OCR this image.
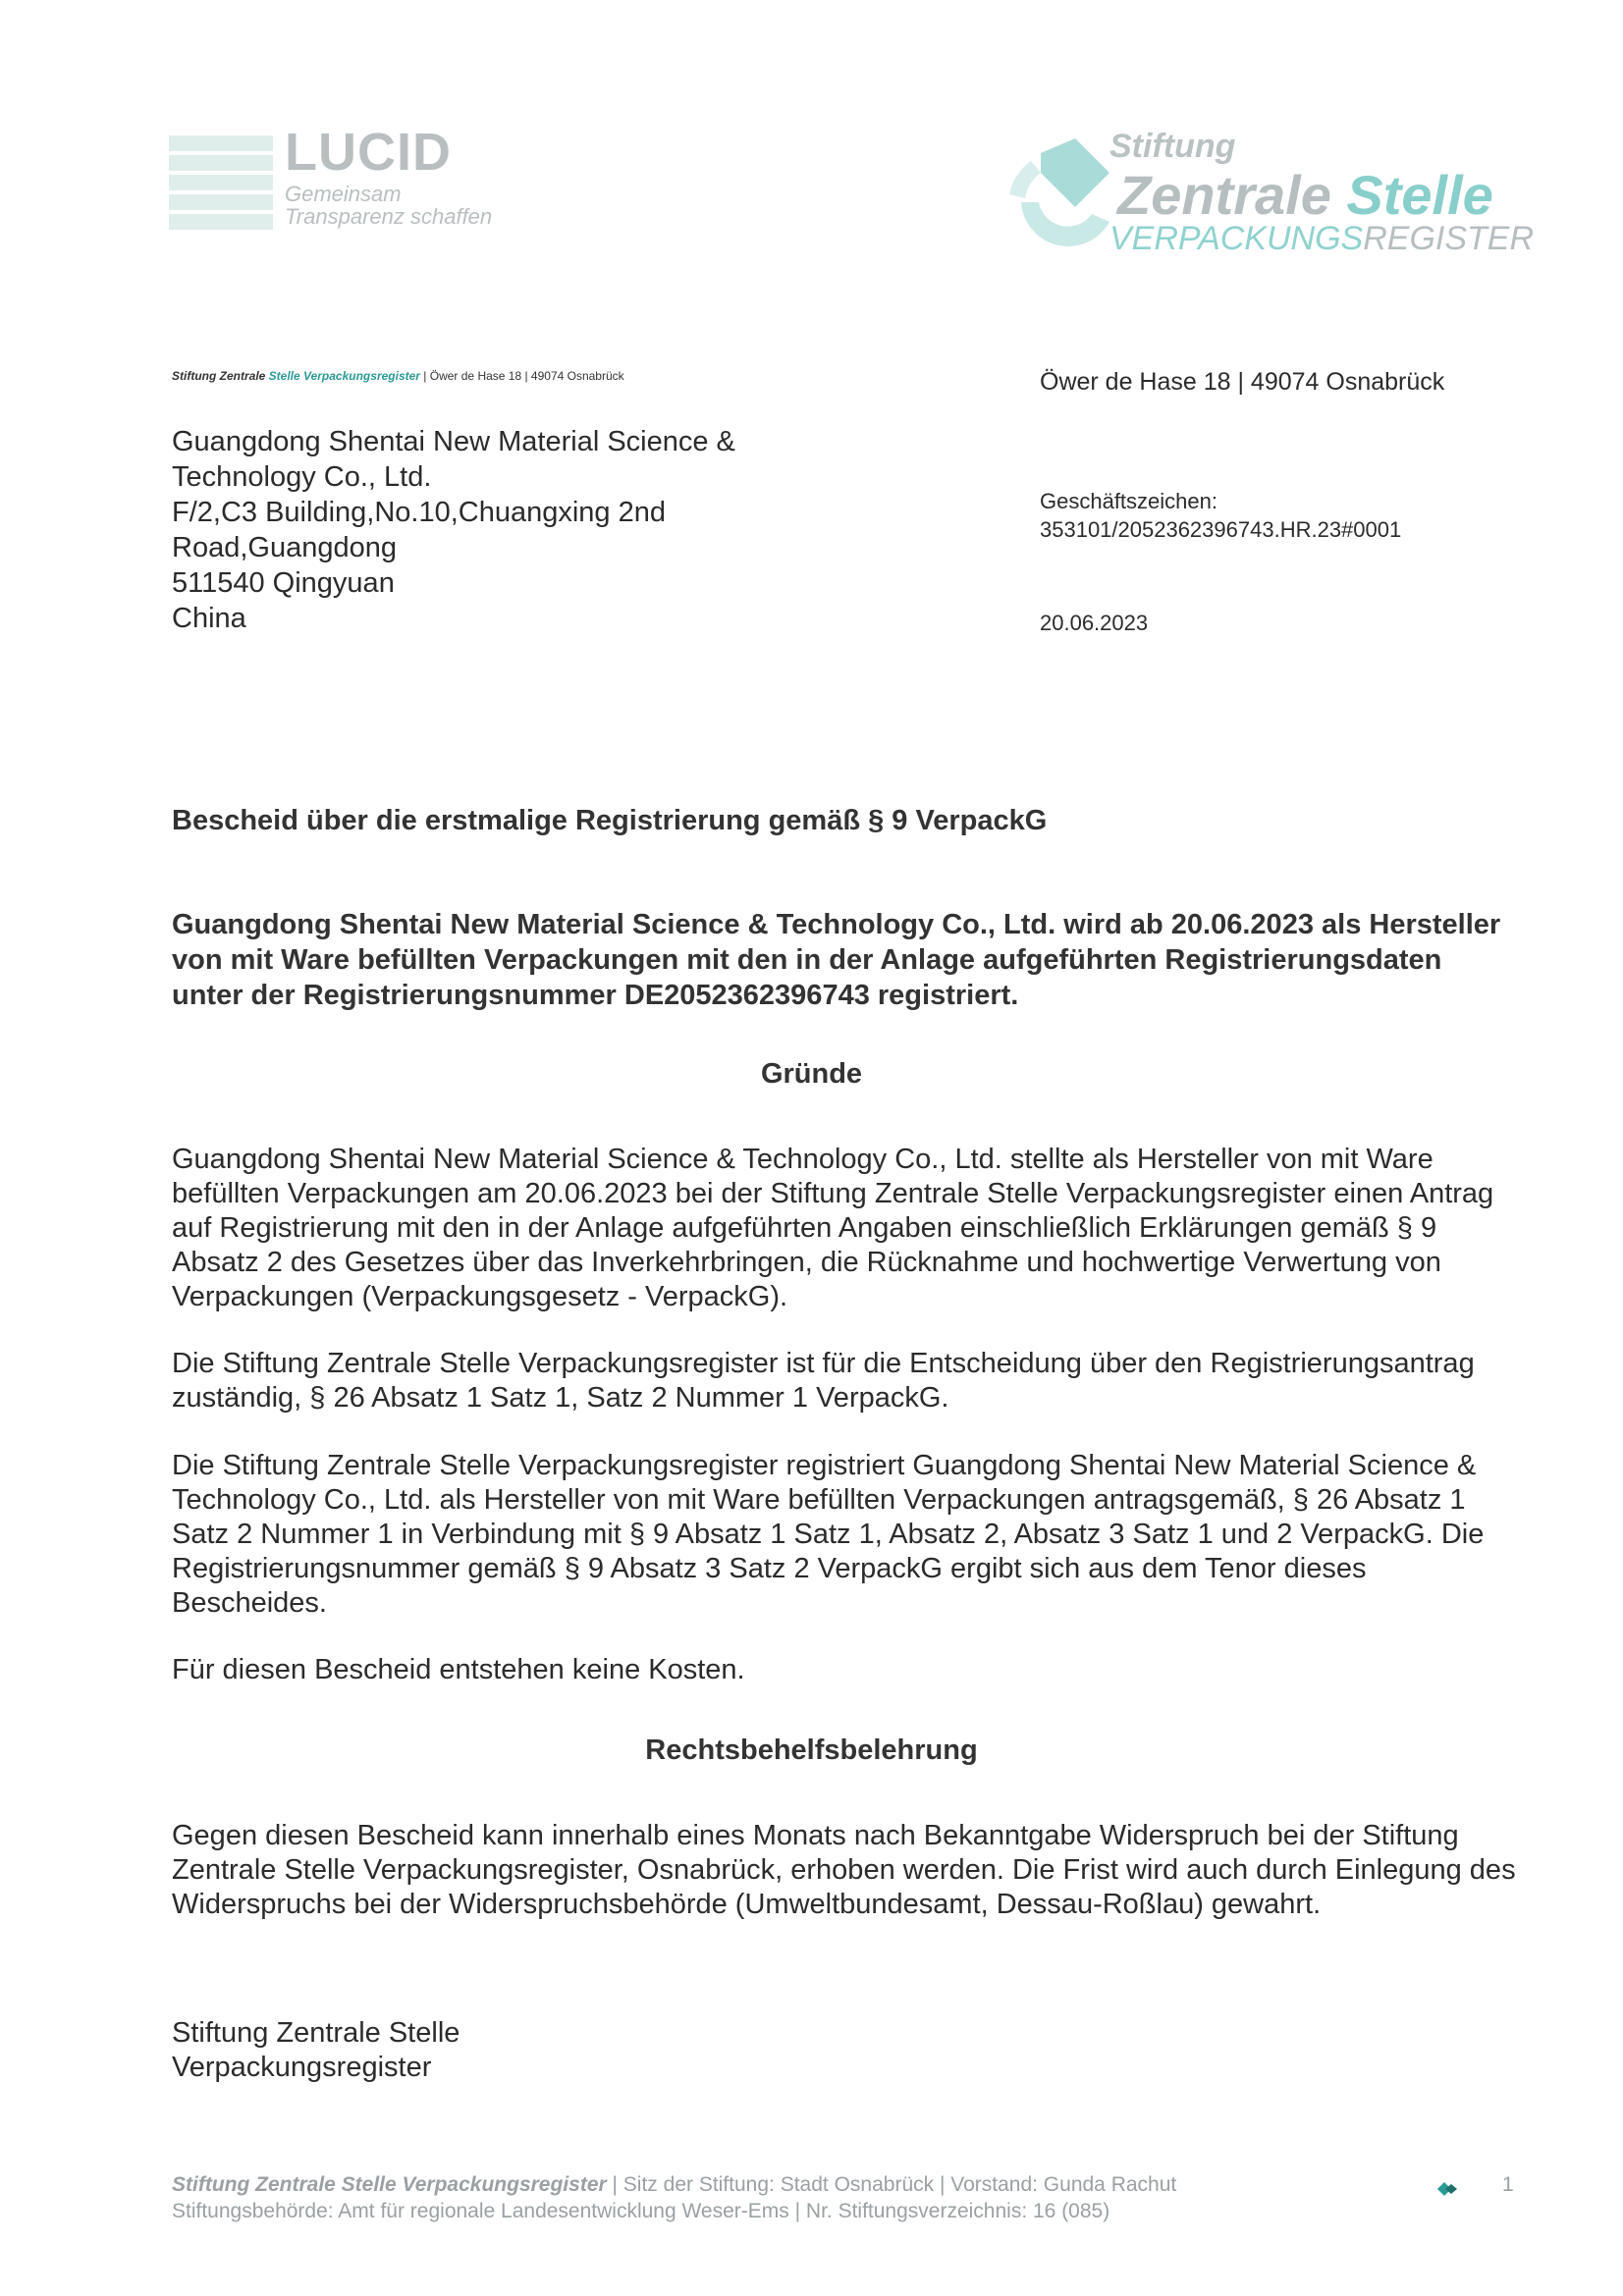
LUCID
Gemeinsam
Transparenz schaffen
Stiftung
Zentrale Stelle
VERPACKUNGSREGISTER
Stiftung Zentrale Stelle Verpackungsregister | Öwer de Hase 18 | 49074 Osnabrück
Guangdong Shentai New Material Science &
Technology Co., Ltd.
F/2,C3 Building,No.10,Chuangxing 2nd
Road,Guangdong
511540 Qingyuan
China
Öwer de Hase 18 | 49074 Osnabrück
Geschäftszeichen:
353101/2052362396743.HR.23#0001
20.06.2023
Bescheid über die erstmalige Registrierung gemäß § 9 VerpackG
Guangdong Shentai New Material Science & Technology Co., Ltd. wird ab 20.06.2023 als Hersteller von mit Ware befüllten Verpackungen mit den in der Anlage aufgeführten Registrierungsdaten unter der Registrierungsnummer DE2052362396743 registriert.
Gründe
Guangdong Shentai New Material Science & Technology Co., Ltd. stellte als Hersteller von mit Ware befüllten Verpackungen am 20.06.2023 bei der Stiftung Zentrale Stelle Verpackungsregister einen Antrag auf Registrierung mit den in der Anlage aufgeführten Angaben einschließlich Erklärungen gemäß § 9 Absatz 2 des Gesetzes über das Inverkehrbringen, die Rücknahme und hochwertige Verwertung von Verpackungen (Verpackungsgesetz - VerpackG).
Die Stiftung Zentrale Stelle Verpackungsregister ist für die Entscheidung über den Registrierungsantrag zuständig, § 26 Absatz 1 Satz 1, Satz 2 Nummer 1 VerpackG.
Die Stiftung Zentrale Stelle Verpackungsregister registriert Guangdong Shentai New Material Science & Technology Co., Ltd. als Hersteller von mit Ware befüllten Verpackungen antragsgemäß, § 26 Absatz 1 Satz 2 Nummer 1 in Verbindung mit § 9 Absatz 1 Satz 1, Absatz 2, Absatz 3 Satz 1 und 2 VerpackG. Die Registrierungsnummer gemäß § 9 Absatz 3 Satz 2 VerpackG ergibt sich aus dem Tenor dieses Bescheides.
Für diesen Bescheid entstehen keine Kosten.
Rechtsbehelfsbelehrung
Gegen diesen Bescheid kann innerhalb eines Monats nach Bekanntgabe Widerspruch bei der Stiftung Zentrale Stelle Verpackungsregister, Osnabrück, erhoben werden. Die Frist wird auch durch Einlegung des Widerspruchs bei der Widerspruchsbehörde (Umweltbundesamt, Dessau-Roßlau) gewahrt.
Stiftung Zentrale Stelle
Verpackungsregister
Stiftung Zentrale Stelle Verpackungsregister | Sitz der Stiftung: Stadt Osnabrück | Vorstand: Gunda Rachut
Stiftungsbehörde: Amt für regionale Landesentwicklung Weser-Ems | Nr. Stiftungsverzeichnis: 16 (085)
1
